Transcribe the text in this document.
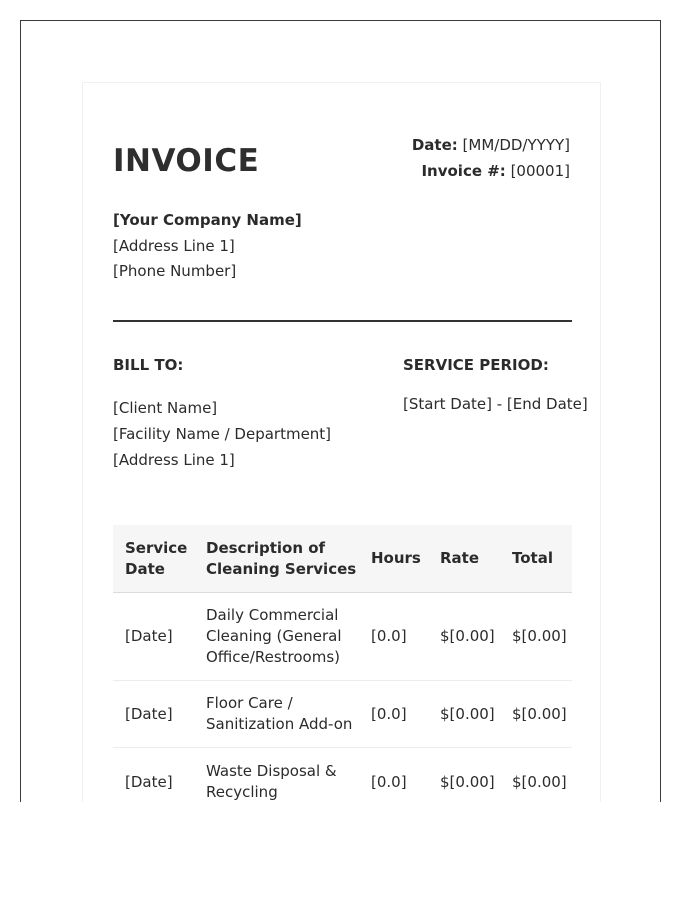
INVOICE	Date: [MM/DD/YYYY]
Invoice #: [00001]
[Your Company Name]
[Address Line 1]
[Phone Number]
BILL TO:	SERVICE PERIOD:
[Client Name]
[Facility Name / Department]
[Address Line 1]
[Start Date] - [End Date]
Service Date	Description of Cleaning Services	Hours	Rate	Total
[Date]	Daily Commercial Cleaning (General Office/Restrooms)	[0.0]	$[0.00]	$[0.00]
[Date]	Floor Care / Sanitization Add-on	[0.0]	$[0.00]	$[0.00]
[Date]	Waste Disposal & Recycling	[0.0]	$[0.00]	$[0.00]
